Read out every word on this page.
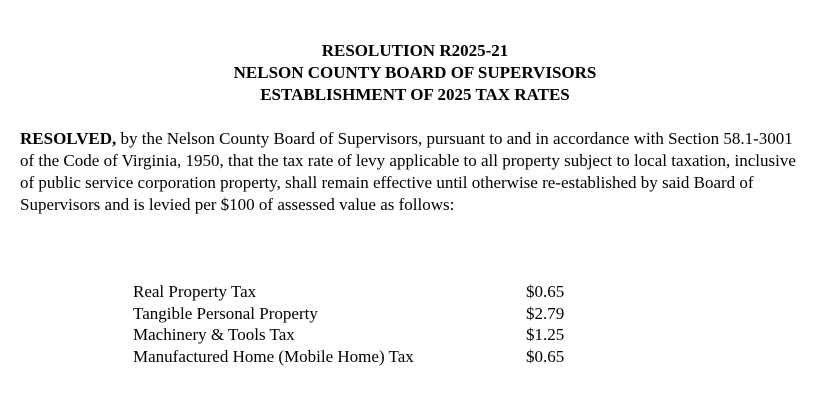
RESOLUTION R2025-21
NELSON COUNTY BOARD OF SUPERVISORS
ESTABLISHMENT OF 2025 TAX RATES
RESOLVED, by the Nelson County Board of Supervisors, pursuant to and in accordance with Section 58.1-3001 of the Code of Virginia, 1950, that the tax rate of levy applicable to all property subject to local taxation, inclusive of public service corporation property, shall remain effective until otherwise re-established by said Board of Supervisors and is levied per $100 of assessed value as follows:
Real Property Tax	$0.65
Tangible Personal Property	$2.79
Machinery & Tools Tax	$1.25
Manufactured Home (Mobile Home) Tax	$0.65
